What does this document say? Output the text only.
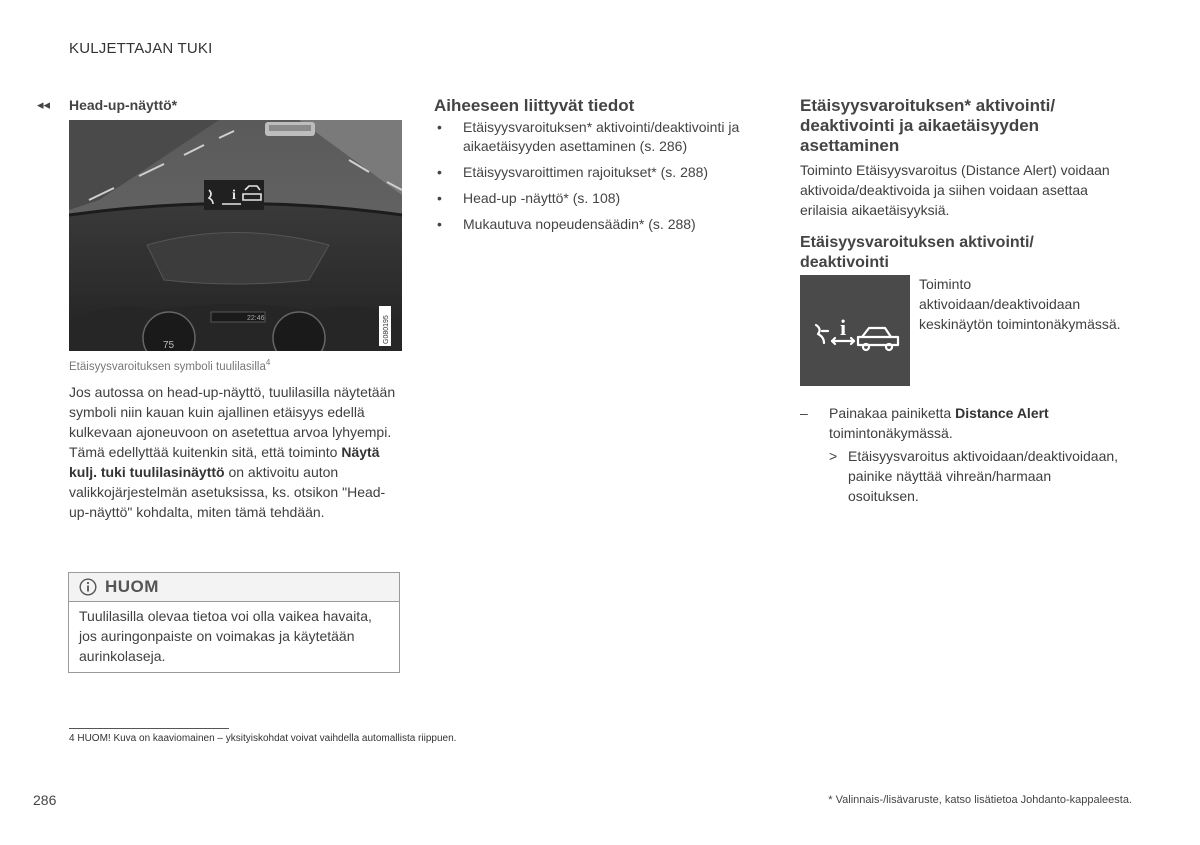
KULJETTAJAN TUKI
◂◂ Head-up-näyttö*
i
22:46
75
G080195
Etäisyysvaroituksen symboli tuulilasilla$^4$
Jos autossa on head-up-näyttö, tuulilasilla näytetään symboli niin kauan kuin ajallinen etäisyys edellä kulkevaan ajoneuvoon on asetettua arvoa lyhyempi. Tämä edellyttää kuitenkin sitä, että toiminto Näytä kulj. tuki tuulilasinäyttö on aktivoitu auton valikkojärjestelmän asetuksissa, ks. otsikon "Head-up-näyttö" kohdalta, miten tämä tehdään.
HUOM
Tuulilasilla olevaa tietoa voi olla vaikea havaita, jos auringonpaiste on voimakas ja käytetään aurinkolaseja.
4 HUOM! Kuva on kaaviomainen – yksityiskohdat voivat vaihdella automallista riippuen.
286	* Valinnais-/lisävaruste, katso lisätietoa Johdanto-kappaleesta.
Aiheeseen liittyvät tiedot
• Etäisyysvaroituksen* aktivointi/deaktivointi ja aikaetäisyyden asettaminen (s. 286)
• Etäisyysvaroittimen rajoitukset* (s. 288)
• Head-up -näyttö* (s. 108)
• Mukautuva nopeudensäädin* (s. 288)
Etäisyysvaroituksen* aktivointi/ deaktivointi ja aikaetäisyyden asettaminen
Toiminto Etäisyysvaroitus (Distance Alert) voidaan aktivoida/deaktivoida ja siihen voidaan asettaa erilaisia aikaetäisyyksiä.
Etäisyysvaroituksen aktivointi/ deaktivointi
i
Toiminto aktivoidaan/deaktivoidaan keskinäytön toimintonäkymässä.
– Painakaa painiketta Distance Alert toimintonäkymässä.
> Etäisyysvaroitus aktivoidaan/deaktivoidaan, painike näyttää vihreän/harmaan osoituksen.
